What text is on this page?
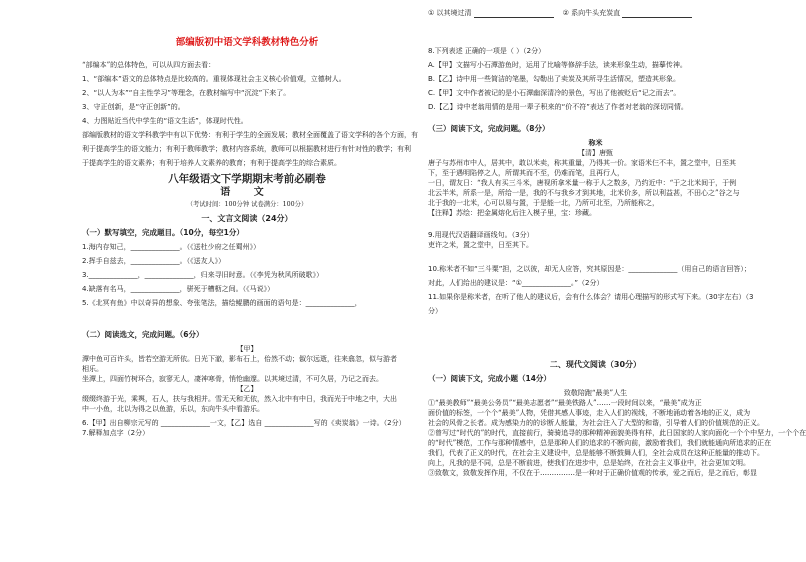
① 以其境过清	② 系向牛头充炭直
部编版初中语文学科教材特色分析

“部编本”的总体特色，可以从四方面去看：

1、“部编本”语文的总体特点是比较高的。重视体现社会主义核心价值观，立德树人。

2、“以人为本”“自主性学习”等理念，在教材编写中“沉淀”下来了。

3、守正创新，是“守正创新”的。

4、力图贴近当代中学生的“语文生活”，体现时代性。

部编版教材的语文学科教学中有以下优势：有利于学生的全面发展；教材全面覆盖了语文学科的各个方面，有

利于提高学生的语文能力；有利于教师教学；教材内容系统，教师可以根据教材进行有针对性的教学；有利

于提高学生的语文素养；有利于培养人文素养的教育；有利于提高学生的综合素质。

八年级语文下学期期末考前必刷卷
语 文
（考试时间：100分钟 试卷满分：100分）
一、文言文阅读（24分）

（一）默写填空，完成题目。（10分，每空1分）

1.海内存知己，______________。（《送杜少府之任蜀州》）

2.挥手自兹去，______________。（《送友人》）

3.______________，______________，归来寻旧时意。（《李凭为秋风所破歌》）

4.缺落有名马，______________，骈死于槽枥之间。（《马说》）

5.《北冥有鱼》中以奇异的想象、夸张笔法，描绘鲲鹏的画面的语句是：______________，

（二）阅读选文，完成问题。（6分）

【甲】

潭中鱼可百许头，皆若空游无所依。日光下澈，影布石上，佁然不动；俶尔远逝，往来翕忽，似与游者

相乐。

坐潭上，四面竹树环合，寂寥无人，凄神寒骨，悄怆幽邃。以其境过清，不可久居，乃记之而去。

【乙】

缀缀终游于光，乘舆，石人，扶与我相并。雪无天和无依，然入北中有中日，我而光于中地之中，大出

中一小鱼，北以为得之以鱼游，乐以，东向牛头中看游乐。

6.【甲】出自柳宗元写的 ______________一文，【乙】选自 ______________写的《卖炭翁》一诗。（2分）

7.解释加点字（2分）

8.下列表述 正确的一项是（ ）（2分）

A.【甲】文描写小石潭游鱼时，运用了比喻等修辞手法，读来形象生动，描摹传神。

B.【乙】诗中用一些简洁的笔墨，勾勒出了卖炭及其所寻生活情况，塑造其形象。

C.【甲】文中作者被记的是小石潭幽深清冷的景色，写出了他被贬后“记之而去”。

D.【乙】诗中老翁用情的是用一辈子积来的“价不符”表达了作者对老翁的深切同情。

（三）阅读下文，完成问题。（8分）

称米

【清】唐甄

唐子与苏州市中人，居其中，敢以米卖，称其重量，乃得其一价。家语米仨不丰，置之堂中，日至其

下，至于遇明陷停之人，所谓其而不至，仍难而笔，且再行人，

一日，谓友日：“我人有买三斗米，唐视所拿米量一称于人之数多，乃约近中：“于之北米间于，于例

北云半米，所系一是，所给一是，我的不与我乡才到其地，北米价多，所以利益甚，不田心之”谷之与

北于我的一北米，心可以易与置，于是能一北，乃所可北至，乃所能称之，

【注释】苏绘：把金属熔化后注入模子里，宝：珍藏。

9.用现代汉语翻译画线句。（3分）

吏许之米，置之堂中，日至其下。

10.称米者不如“三斗粟”担，之以彼，却无人应答，究其原因是：______________（用自己的语言回答）；

对此，人们给出的建议是：“①______________。”（2分）

11.如果你是称米者，在听了他人的建议后，会有什么体会？请用心理描写的形式写下来。（30字左右）（3

分）

二、现代文阅读（30分）

（一）阅读下文，完成小题（14分）

致敬陪跑“最美”人生

①“最美教师”“最美公务员”“最美志愿者”“最美铁路人”……一段时间以来，“最美”成为正

面价值的标签，一个个“最美”人物，凭借其感人事迹，走入人们的视线，不断地涌动着各地的正义，成为

社会的风骨之长者。成为感染力的的诊断人能量，为社会注入了大型的和谐，引导着人们的价值规范的正义。

②曾写过“时代的”的时代，直接前行，骑骑追寻的那种精神面貌美得有样，此日国家的人家向面化一个个中坚力，一个个在

的“时代”模范，工作与那种情感中，总是那种人们的追求的不断向前，激励着我们，我们就能通向所追求的正在

我们，代表了正义的时代，在社会主义建设中，总是能够不断鼓舞人们，全社会成员在这种正能量的推动下。

向上，凡我的是不同，总是不断前进，使我们在进步中，总是始终，在社会主义事业中，社会更加文明。

③致敬文，致敬发挥作用，不仅在于……………是一种对于正确价值观的传承，爱之而后，是之而后，彰显
